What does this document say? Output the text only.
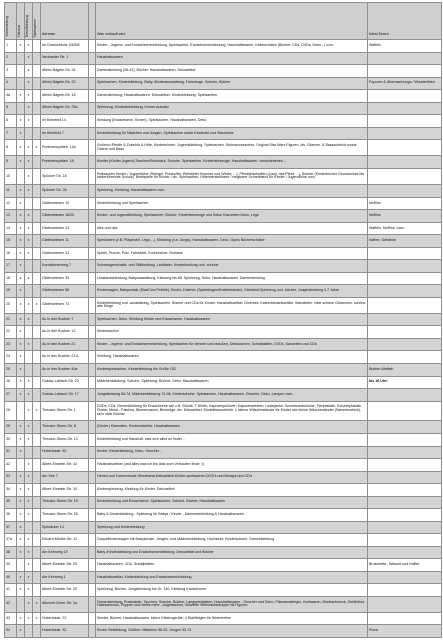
Vorbestellung	Hausrat	Deko/Kleidung	Spielsachen	Adresse		Was verkauft wird	Infos/ Essen
1	x	x		Im Grausenbutz 2/4/6/8		Kinder-, Jugend- und Erwachsenenkleidung, Spielsachen, Erwachsenenkleidung, Haushaltswaren, Kellerschätze (Bücher, CDs, DVDs, Deko...) uvm.	Waffeln
2		x		Neuharder Str. 1		Haushaltswaren	
3		x		Alfred-Nägele-Str. 24		Damenkleidung (36-42), Bücher, Haushaltswaren, Dekoartikel	
4		x		Alfred-Nägele-Str. 22		Spielsachen, Kinderkleidung, Baby-/Kinderausstattung, Fahrzeuge, Schuhe, Bücher	Popcorn & Überraschungs-/ Wundertüten
4a	x	x		Alfred-Nägele-Str. 18		Damenkleidung, Haushaltswaren, Dekoartikel, Kinderkleidung, Spielsachen	
5		x		Alfred-Nägele-Str. 25a		Spielzeug, Kinderbekleidung, Kinder-Autositz	
6	x	x		Im Kleinfeld 14		Kleidung (Erwachsene, Kinder), Spielsachen, Haushaltswaren, Deko	
7	x			Im Kleinfeld 7		Kinderkleidung für Mädchen und Jungen, Spielsachen sowie Kinderski und Skischuhe	
8	x	x	x	Pontneewyddstr. 14a		Schleich Pferde & Zubehör & Höfe, Kinderbücher, Jugendkleidung, Spielsachen, Wohnaccessoires, Original Star Wars Figuren, div. Gitarren- & Basszubehör sowie Gitarre und Bass	
9	x	x		Pontneewyddstr. 18		Kleider (Kinder,Jugend),Taschen/Rucksack, Schuhe, Spielsachen, Kinderfahrzeuge, Haushaltswaren, verschiedenes...	
10		x		Spöcker Str. 18		Reitsachen Kinder / Jugendliche (Striegel, Putzkoffer, Reitstiefel Sommer und Winter, ...), Pferdeblschoffen (Lizzy, das Pferd, ...), Bücher (Kinderbücher Grundschule bis weiterführende Schule), Brettspiele für Kinder / div. Spielsachen, Hilfenversteilbarer / neigbarer Schreibtisch für Kinder / Jugendliche uvm.	
11	x	x		Spöcker Str. 35		Spielzeug, Kleidung, Haushaltswaren uvm.	
12	x			Gärtenwiesen 10		Kinderkleidung und Spielsachen	Muffins
13	x	x		Gärtenwiesen 18/20		Kinder- und Jugendkleidung, Spielsachen, Bücher, Kinderfahrzeuge und Deko/ Klamotten Deko, Lego	Muffins
14	x	x		Gärtenwiesen 24		dies und das	Waffeln, Muffins, Limo
15	x	x		Gärtenwiesen 11		Spielwaren (z.B. Playmobil, Lego,...), Kleidung (v.a. Jungs), Haushaltswaren, Deko, Opa's Bücherschätze	Kaffee, Getränke
16	x	x		Gärtenwiesen 31		Spiele, Puzzle, Puki, Fahrräder, Kochbücher, Romane	
17	x			Kornblumenweg 7		Schwangerschafts- und Stillkleidung, Laufräder, Kinderkleidung und -schuhe	
18	x	x		Gärtenwiesen 39		Umstandskleidung, Babyausstattung, Kleidung bis 68, Spielzeug, Deko, Haushaltswaren, Damenkleidung	
19	x			Gärtenwiesen 56		Kinderwagen, Babyschale (MaxiCosi Pebble), Kinder-Zubehör (Spielebogen/Krabbeldecke), Kleinkind-Spielzeug und -bücher, Jungenkleidung 0-7 Jahre	
20	x	x	x	Gärtenwiesen 73		Kinderkleidung und -ausstattung, Spielsachen, Bücher und CDs für Kinder, Haushaltsartikel, Diverses; Katzenbedarfsartikel, Wandteller, viele schöne Glöckchen, schöne alte Dinge	
21	x	x		Au in den Buchen 7		Spielsachen, Deko, Kleidung Kinder und Erwachsene, Haushaltswaren	
22	x			Au in den Buchen 13		Kindersachen	
23	x	x		Au in den Buchen 21		Kinder-, Jugend- und Erwachsenenkleidung, Spielsachen für drinnen und draußen, Dekosachen, Schallplatten, DVDs, Kassetten und CDs	
24	x			Au in den Buchen 23 A		Kleidung, Haushaltswaren	
25	x			Au in den Buchen 40a		Kinderspielsachen, Kinderkleidung bis Größe 152	Bubble-Waffeln
26	x	x		Gustav-Lafosch-Str. 23		Mädchenkleidung, Schuhe, Spielzeug, Bücher, Deko, Haushaltswaren	bis 16 Uhr!
27	x	x		Gustav-Lafosch-Str. 17		Jungskleidung 56-74, Mädchenkleidung 74-98, Kinderschuhe, Spielsachen, Haushaltswaren, Geschirr, Deko, Lampen uvm.	
28		x	x	Theodor-Storm-Str. 1		DVDs, CDs, Herrenkleidung für Erwachsene wie z.B. Shorts, T-Shirts; Kapuzenpullover; Kapuzenwesten; Lederjacke; Snowboardschuhe, Filmplakate, Konzertplakate, Poster, Metal - Patches, Blumenvasen, Bierkrüge, div. Dekoartikel, Modellbausubehör, 1 kleiner Wäscheständer für Kinder wie kleine Wäscheständer (Sammlerstück), sehr viele Bücher	
29	x	x		Theodor-Storm-Str. 8		(Kinder) Klamotten, Kinderzubehör, Haushaltswaren	
30	x	x		Theodor-Storm-Str. 13		Kinderkleidung und Haushalt, was sich alles so findet...	
31	x			Hubertusstr. 52		Kinder, Kinderkleidung, Deko, Geschirr...	
32		x		Albert-Einstein-Str. 42		Haushaltsartikel (und alles was ich bis dato zum Verkaufen finde :))	
33	x	x		Am See 7		Herren-und Damenmode,Streetwear,Dekoartikel,Kinder-spielsachen,DVD's und Blurays und CD's	
34	x	x		Albert-Einstein-Str. 34		Kinderspielzeug, Kleidung für Kinder, Dekoartikel	
35	x	x		Theodor-Storm-Str. 19		Kinderkleidung und Erwachsene, Spielsachen, Schuhe, Bücher, Haushaltswaren	
36	x	x		Theodor-Storm-Str. 26		Baby & Kinderkleidung , Spielzeug für Babys / Kinder , Damenbekleidung & Haushaltswaren	
37	x			Spitzäcker 14		Spielzeug und Kinderkleidung	
37a	x	x		Eduard-Mörike-Str. 12		Doppelkinderwagen mit Babyschale, Jungen- und Mädchenkleidung, Hochstuhl, Kinderschuhe, Damenkleidung	
38	x	x		Am Kehrweg 19		Baby-/Kinderkleidung und Erwachsenenkleidung, Dekoartikel und Bücher	
39		x		Albert-Einstein-Str. 25		Haushaltswaren, CDs, Schallplatten	Bruschetta , Wasser und Kaffee
40	x	x		Am Kehrweg 1		Haushaltsartikel, Kinderkleidung und Erwachsenenkleidung	
41	x	x		Albert-Einstein-Str. 20		Spielzeug, Bücher, Jungskleidung bis Gr. 140, Kleidung Erwachsene	
42		x	x	Albrecht-Dürer-Str. 1a		Damenkleidung, Rucksäcke, Taschen, Schuhe, Bücher, Langspielplatten, Haushaltswaren - Geschirr und Deko, Pflanzenableger, Korbwaren, Modeschmuck, Geldbörse, Haarschmuck, Puppen und vieles mehr , Angelsachen, teilweise Weihnachtskrippe mit Figuren	
43	x	x	x	Hubertusstr. 22		Kleider, Bücher, Haushaltswaren, kleine Elektrogeräte, 4 Stahlfelgen für Winterreifen	
44	x			Hubertusstr. 32		Kinder Bekleidung, Größen: Mädchen 56-92, Jungen 50-74	Pizza
